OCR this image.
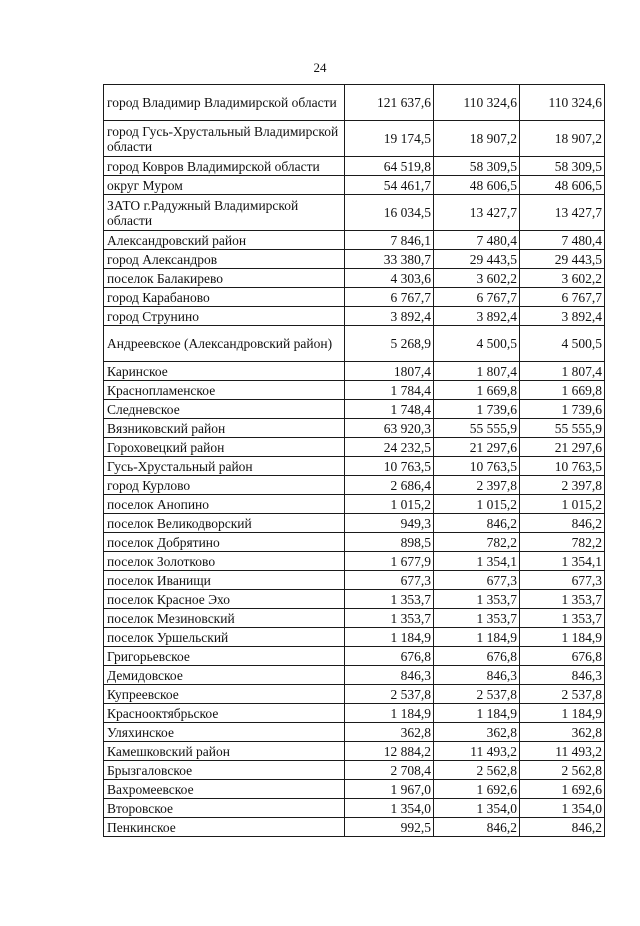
24
город Владимир Владимирской области	121 637,6	110 324,6	110 324,6
город Гусь-Хрустальный Владимирской области	19 174,5	18 907,2	18 907,2
город Ковров Владимирской области	64 519,8	58 309,5	58 309,5
округ Муром	54 461,7	48 606,5	48 606,5
ЗАТО г.Радужный Владимирской области	16 034,5	13 427,7	13 427,7
Александровский район	7 846,1	7 480,4	7 480,4
город Александров	33 380,7	29 443,5	29 443,5
поселок Балакирево	4 303,6	3 602,2	3 602,2
город Карабаново	6 767,7	6 767,7	6 767,7
город Струнино	3 892,4	3 892,4	3 892,4
Андреевское (Александровский район)	5 268,9	4 500,5	4 500,5
Каринское	1807,4	1 807,4	1 807,4
Краснопламенское	1 784,4	1 669,8	1 669,8
Следневское	1 748,4	1 739,6	1 739,6
Вязниковский район	63 920,3	55 555,9	55 555,9
Гороховецкий район	24 232,5	21 297,6	21 297,6
Гусь-Хрустальный район	10 763,5	10 763,5	10 763,5
город Курлово	2 686,4	2 397,8	2 397,8
поселок Анопино	1 015,2	1 015,2	1 015,2
поселок Великодворский	949,3	846,2	846,2
поселок Добрятино	898,5	782,2	782,2
поселок Золотково	1 677,9	1 354,1	1 354,1
поселок Иванищи	677,3	677,3	677,3
поселок Красное Эхо	1 353,7	1 353,7	1 353,7
поселок Мезиновский	1 353,7	1 353,7	1 353,7
поселок Уршельский	1 184,9	1 184,9	1 184,9
Григорьевское	676,8	676,8	676,8
Демидовское	846,3	846,3	846,3
Купреевское	2 537,8	2 537,8	2 537,8
Краснооктябрьское	1 184,9	1 184,9	1 184,9
Уляхинское	362,8	362,8	362,8
Камешковский район	12 884,2	11 493,2	11 493,2
Брызгаловское	2 708,4	2 562,8	2 562,8
Вахромеевское	1 967,0	1 692,6	1 692,6
Второвское	1 354,0	1 354,0	1 354,0
Пенкинское	992,5	846,2	846,2
